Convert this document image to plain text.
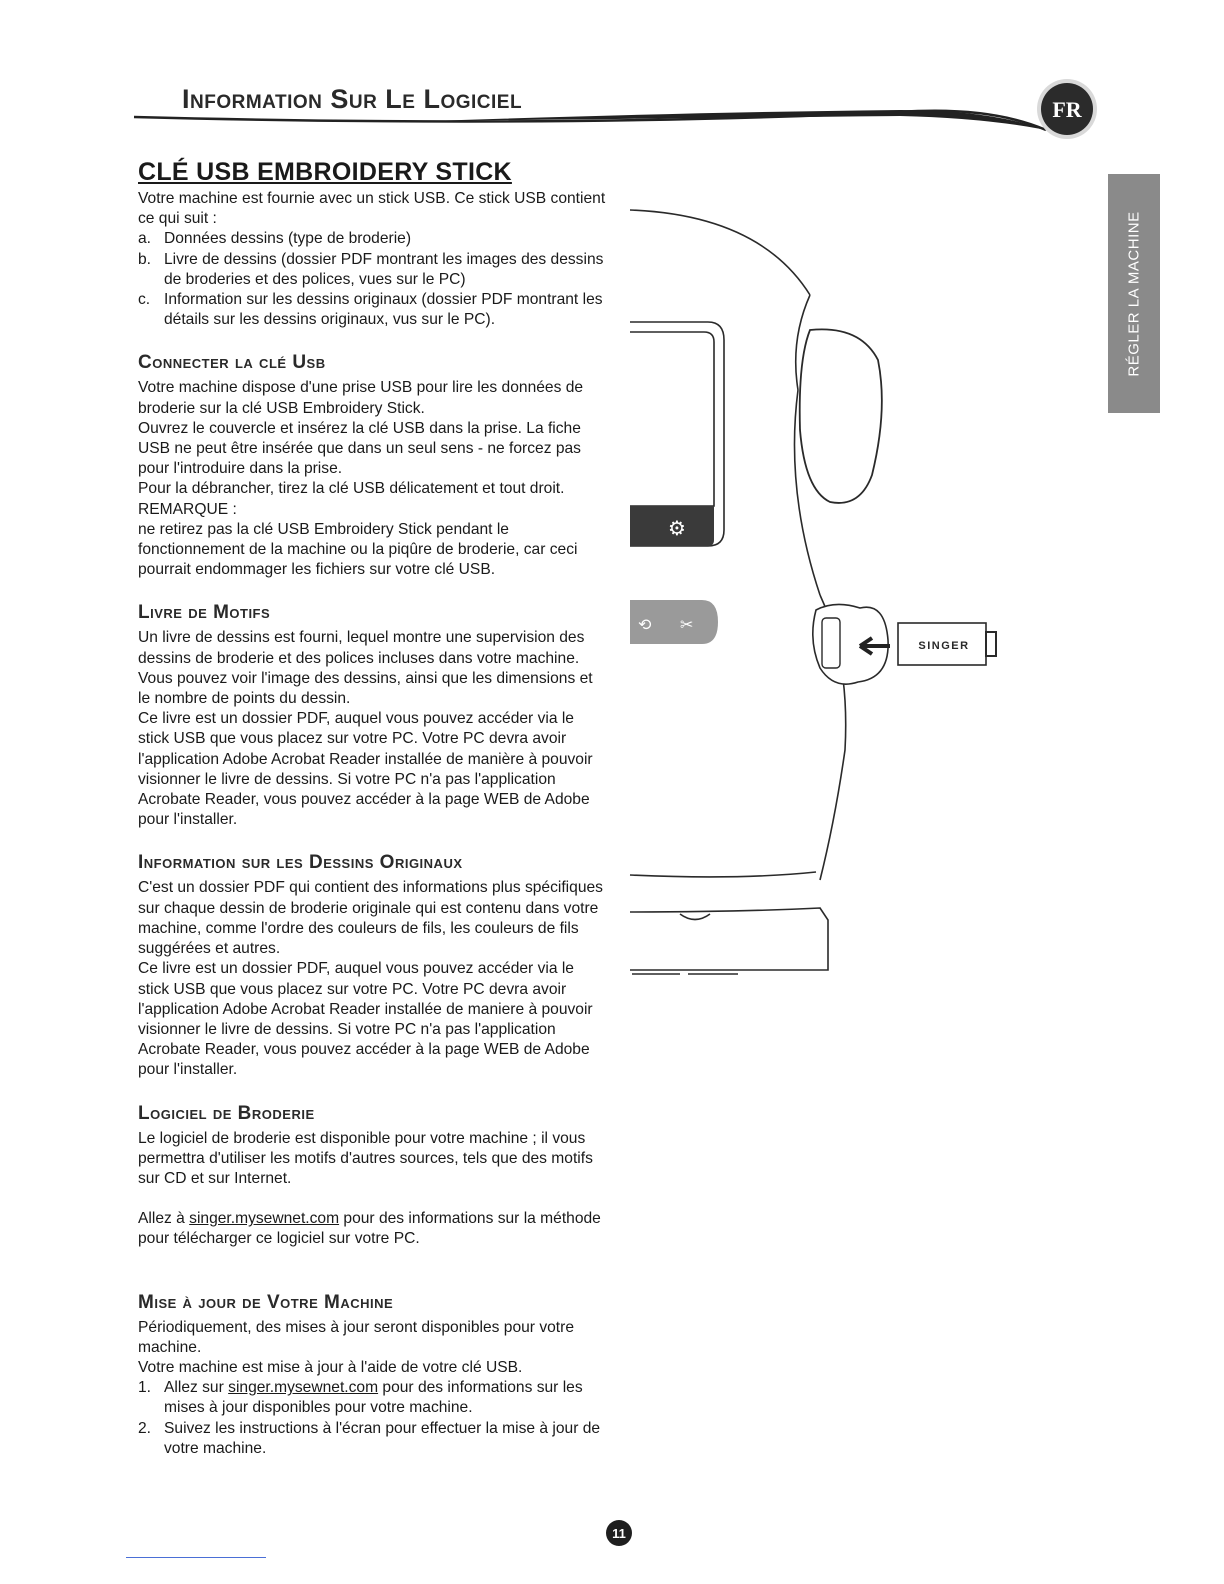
Information Sur Le Logiciel	FR
RÉGLER LA MACHINE
CLÉ USB EMBROIDERY STICK

Votre machine est fournie avec un stick USB. Ce stick USB contient ce qui suit :

a. Données dessins (type de broderie)
b. Livre de dessins (dossier PDF montrant les images des dessins de broderies et des polices, vues sur le PC)
c. Information sur les dessins originaux (dossier PDF montrant les détails sur les dessins originaux, vus sur le PC).
Connecter la clé Usb

Votre machine dispose d'une prise USB pour lire les données de broderie sur la clé USB Embroidery Stick.

Ouvrez le couvercle et insérez la clé USB dans la prise. La fiche USB ne peut être insérée que dans un seul sens - ne forcez pas pour l'introduire dans la prise.

Pour la débrancher, tirez la clé USB délicatement et tout droit.

REMARQUE :

ne retirez pas la clé USB Embroidery Stick pendant le fonctionnement de la machine ou la piqûre de broderie, car ceci pourrait endommager les fichiers sur votre clé USB.

Livre de Motifs

Un livre de dessins est fourni, lequel montre une supervision des dessins de broderie et des polices incluses dans votre machine. Vous pouvez voir l'image des dessins, ainsi que les dimensions et le nombre de points du dessin.

Ce livre est un dossier PDF, auquel vous pouvez accéder via le stick USB que vous placez sur votre PC. Votre PC devra avoir l'application Adobe Acrobat Reader installée de manière à pouvoir visionner le livre de dessins. Si votre PC n'a pas l'application Acrobate Reader, vous pouvez accéder à la page WEB de Adobe pour l'installer.

Information sur les Dessins Originaux

C'est un dossier PDF qui contient des informations plus spécifiques sur chaque dessin de broderie originale qui est contenu dans votre machine, comme l'ordre des couleurs de fils, les couleurs de fils suggérées et autres.

Ce livre est un dossier PDF, auquel vous pouvez accéder via le stick USB que vous placez sur votre PC. Votre PC devra avoir l'application Adobe Acrobat Reader installée de maniere à pouvoir visionner le livre de dessins. Si votre PC n'a pas l'application Acrobate Reader, vous pouvez accéder à la page WEB de Adobe pour l'installer.

Logiciel de Broderie

Le logiciel de broderie est disponible pour votre machine ; il vous permettra d'utiliser les motifs d'autres sources, tels que des motifs sur CD et sur Internet.

Allez à singer.mysewnet.com pour des informations sur la méthode pour télécharger ce logiciel sur votre PC.

Mise à jour de Votre Machine

Périodiquement, des mises à jour seront disponibles pour votre machine.

Votre machine est mise à jour à l'aide de votre clé USB.

1. Allez sur singer.mysewnet.com pour des informations sur les mises à jour disponibles pour votre machine.
2. Suivez les instructions à l'écran pour effectuer la mise à jour de votre machine.
⚙
⟲ ✂
SINGER
11
